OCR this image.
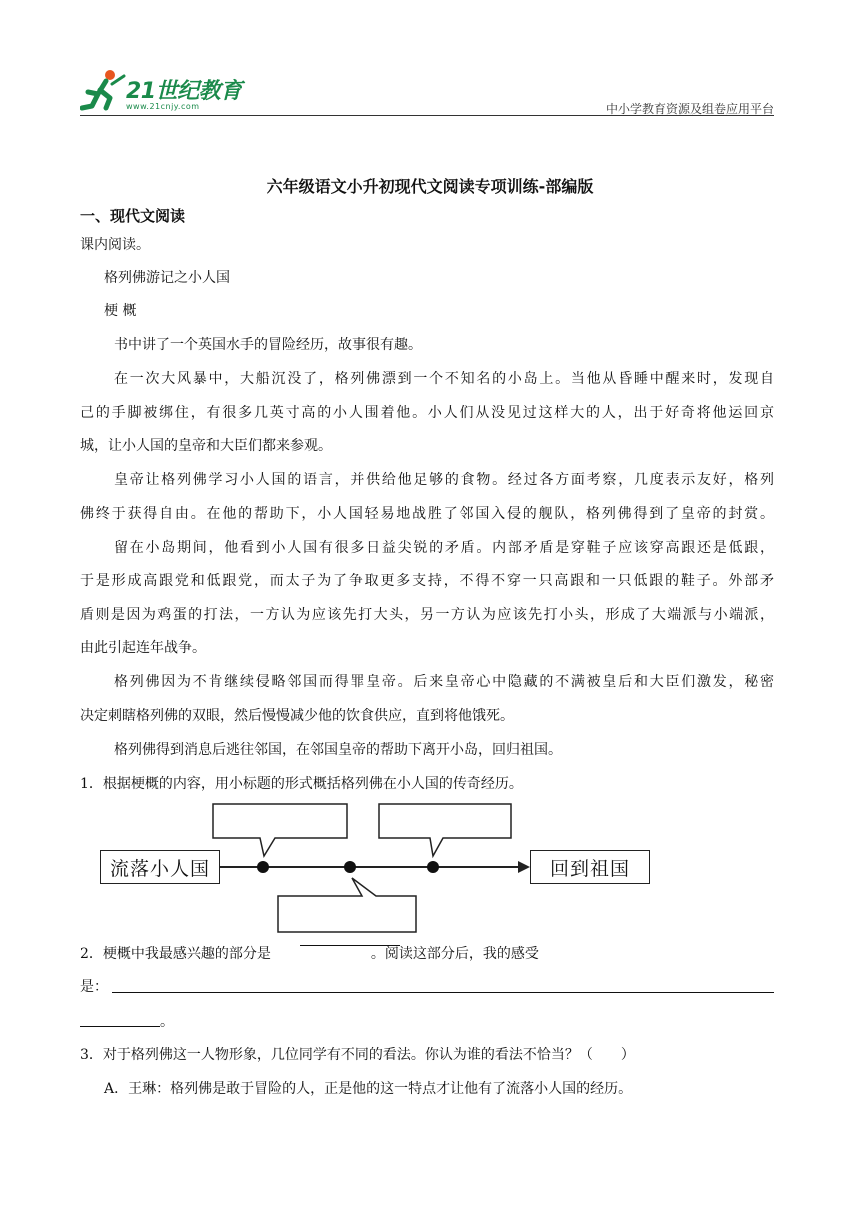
21世纪教育
www.21cnjy.com	中小学教育资源及组卷应用平台
六年级语文小升初现代文阅读专项训练-部编版
一、现代文阅读
课内阅读。
格列佛游记之小人国
梗 概
书中讲了一个英国水手的冒险经历，故事很有趣。
在一次大风暴中，大船沉没了，格列佛漂到一个不知名的小岛上。当他从昏睡中醒来时，发现自
己的手脚被绑住，有很多几英寸高的小人围着他。小人们从没见过这样大的人，出于好奇将他运回京
城，让小人国的皇帝和大臣们都来参观。
皇帝让格列佛学习小人国的语言，并供给他足够的食物。经过各方面考察，几度表示友好，格列
佛终于获得自由。在他的帮助下，小人国轻易地战胜了邻国入侵的舰队，格列佛得到了皇帝的封赏。
留在小岛期间，他看到小人国有很多日益尖锐的矛盾。内部矛盾是穿鞋子应该穿高跟还是低跟，
于是形成高跟党和低跟党，而太子为了争取更多支持，不得不穿一只高跟和一只低跟的鞋子。外部矛
盾则是因为鸡蛋的打法，一方认为应该先打大头，另一方认为应该先打小头，形成了大端派与小端派，
由此引起连年战争。
格列佛因为不肯继续侵略邻国而得罪皇帝。后来皇帝心中隐藏的不满被皇后和大臣们激发，秘密
决定刺瞎格列佛的双眼，然后慢慢减少他的饮食供应，直到将他饿死。
格列佛得到消息后逃往邻国，在邻国皇帝的帮助下离开小岛，回归祖国。
1．根据梗概的内容，用小标题的形式概括格列佛在小人国的传奇经历。
流落小人国	回到祖国
2．梗概中我最感兴趣的部分是	。阅读这部分后，我的感受
是：
。
3．对于格列佛这一人物形象，几位同学有不同的看法。你认为谁的看法不恰当？（　　）
A．王琳：格列佛是敢于冒险的人，正是他的这一特点才让他有了流落小人国的经历。
